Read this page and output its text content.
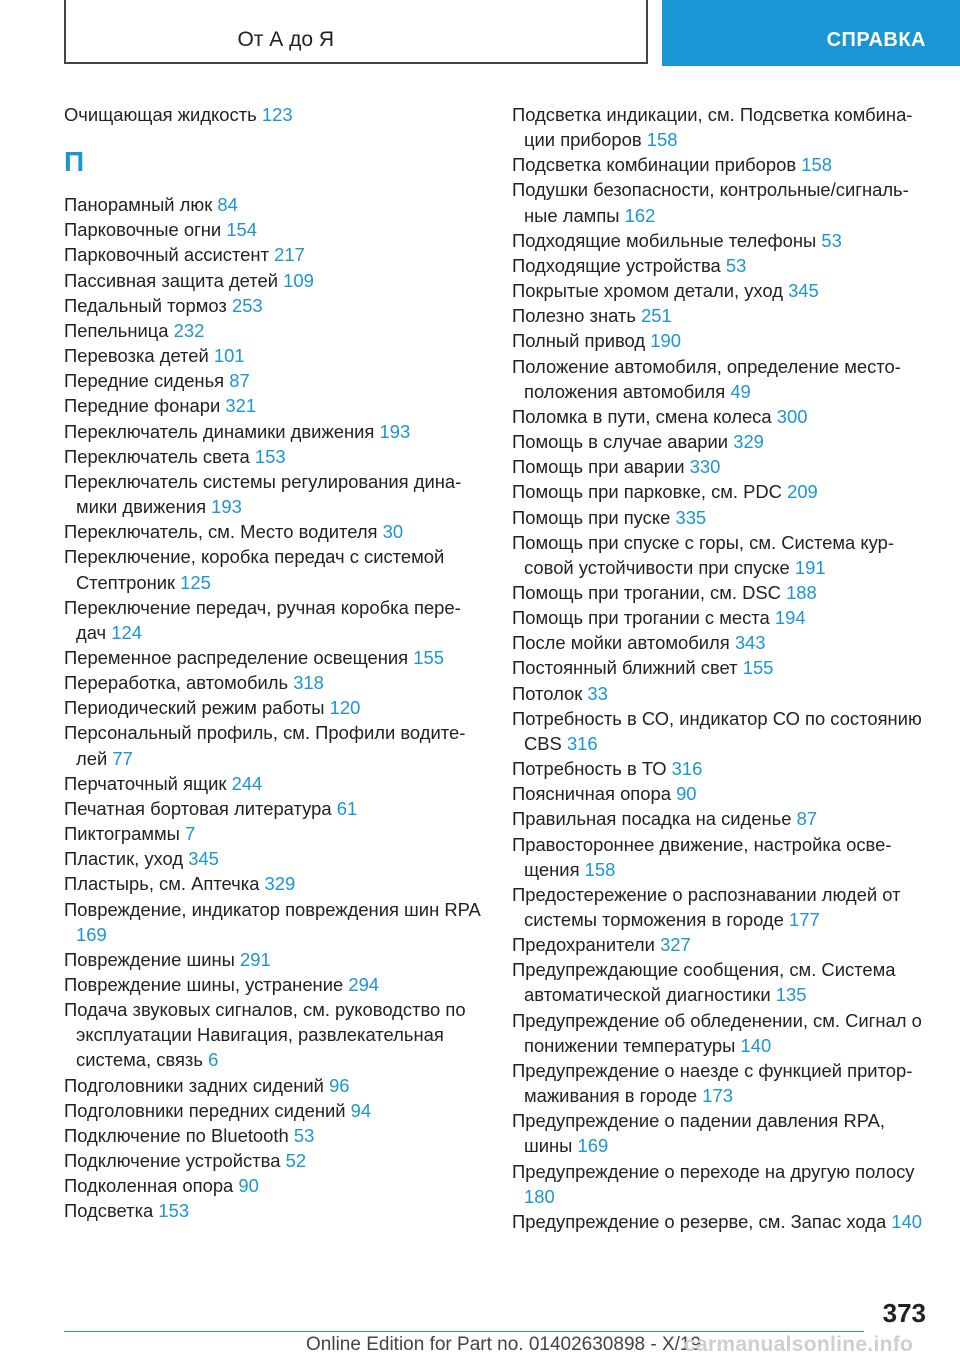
От А до Я	СПРАВКА

Очищающая жидкость 123

П

Панорамный люк 84

Парковочные огни 154

Парковочный ассистент 217

Пассивная защита детей 109

Педальный тормоз 253

Пепельница 232

Перевозка детей 101

Передние сиденья 87

Передние фонари 321

Переключатель динамики движения 193

Переключатель света 153

Переключатель системы регулирования динамики движения 193

Переключатель, см. Место водителя 30

Переключение, коробка передач с системой Стептроник 125

Переключение передач, ручная коробка передач 124

Переменное распределение освещения 155

Переработка, автомобиль 318

Периодический режим работы 120

Персональный профиль, см. Профили водителей 77

Перчаточный ящик 244

Печатная бортовая литература 61

Пиктограммы 7

Пластик, уход 345

Пластырь, см. Аптечка 329

Повреждение, индикатор повреждения шин RPA 169

Повреждение шины 291

Повреждение шины, устранение 294

Подача звуковых сигналов, см. руководство по эксплуатации Навигация, развлекательная система, связь 6

Подголовники задних сидений 96

Подголовники передних сидений 94

Подключение по Bluetooth 53

Подключение устройства 52

Подколенная опора 90

Подсветка 153

Подсветка индикации, см. Подсветка комбинации приборов 158

Подсветка комбинации приборов 158

Подушки безопасности, контрольные/сигнальные лампы 162

Подходящие мобильные телефоны 53

Подходящие устройства 53

Покрытые хромом детали, уход 345

Полезно знать 251

Полный привод 190

Положение автомобиля, определение местоположения автомобиля 49

Поломка в пути, смена колеса 300

Помощь в случае аварии 329

Помощь при аварии 330

Помощь при парковке, см. PDC 209

Помощь при пуске 335

Помощь при спуске с горы, см. Система курсовой устойчивости при спуске 191

Помощь при трогании, см. DSC 188

Помощь при трогании с места 194

После мойки автомобиля 343

Постоянный ближний свет 155

Потолок 33

Потребность в СО, индикатор СО по состоянию CBS 316

Потребность в ТО 316

Поясничная опора 90

Правильная посадка на сиденье 87

Правостороннее движение, настройка освещения 158

Предостережение о распознавании людей от системы торможения в городе 177

Предохранители 327

Предупреждающие сообщения, см. Система автоматической диагностики 135

Предупреждение об обледенении, см. Сигнал о понижении температуры 140

Предупреждение о наезде с функцией притормаживания в городе 173

Предупреждение о падении давления RPA, шины 169

Предупреждение о переходе на другую полосу 180

Предупреждение о резерве, см. Запас хода 140

373
Online Edition for Part no. 01402630898 - X/19
carmanualsonline.info
